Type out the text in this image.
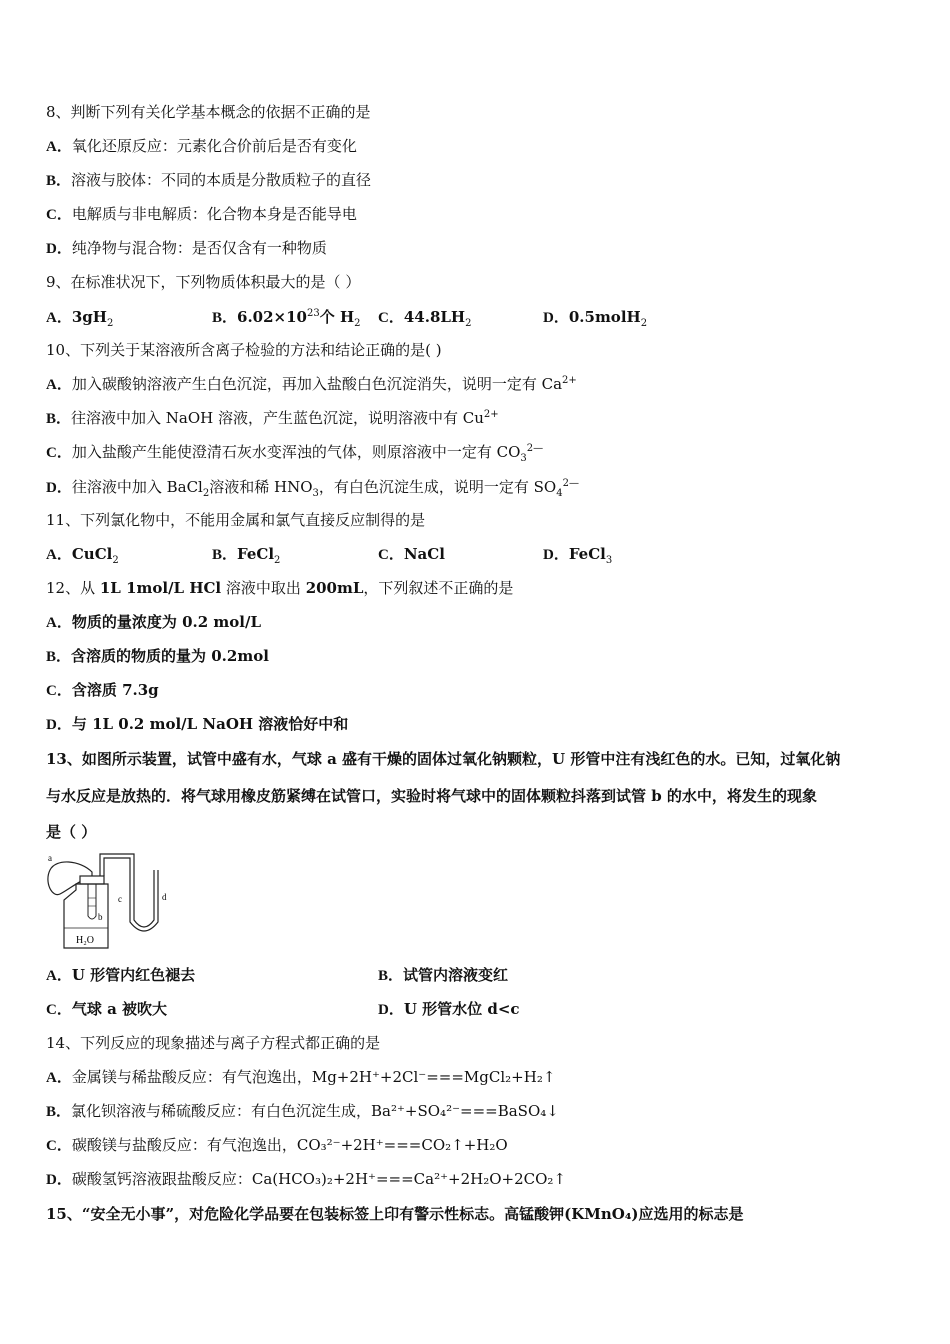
8、判断下列有关化学基本概念的依据不正确的是
A．氧化还原反应：元素化合价前后是否有变化
B．溶液与胶体：不同的本质是分散质粒子的直径
C．电解质与非电解质：化合物本身是否能导电
D．纯净物与混合物：是否仅含有一种物质
9、在标准状况下，下列物质体积最大的是（ ）
A．$3gH_2$	B．$6.02\times 10^{23}$个 $H_2$ C．$44.8LH_2$	D．0.5molH$_2$
10、下列关于某溶液所含离子检验的方法和结论正确的是( )
A．加入碳酸钠溶液产生白色沉淀，再加入盐酸白色沉淀消失，说明一定有 $Ca^{2+}$
B．往溶液中加入 NaOH 溶液，产生蓝色沉淀，说明溶液中有 $Cu^{2+}$
C．加入盐酸产生能使澄清石灰水变浑浊的气体，则原溶液中一定有 $CO_3^{2—}$
D．往溶液中加入 BaCl$_2$溶液和稀 $HNO_3$，有白色沉淀生成，说明一定有 $SO_4^{2—}$
11、下列氯化物中，不能用金属和氯气直接反应制得的是
A．CuCl$_2$	B．FeCl$_2$	C．NaCl	D．FeCl$_3$
12、从 1L 1mol/L HCl 溶液中取出 200mL，下列叙述不正确的是
A．物质的量浓度为 0.2 mol/L
B．含溶质的物质的量为 0.2mol
C．含溶质 7.3g
D．与 1L 0.2 mol/L NaOH 溶液恰好中和
13、如图所示装置，试管中盛有水，气球 a 盛有干燥的固体过氧化钠颗粒，U 形管中注有浅红色的水。已知，过氧化钠
与水反应是放热的．将气球用橡皮筋紧缚在试管口，实验时将气球中的固体颗粒抖落到试管 b 的水中，将发生的现象
是（ ）
a
b
H₂O
c	d
A．U 形管内红色褪去	B．试管内溶液变红
C．气球 a 被吹大	D．U 形管水位 d<c
14、下列反应的现象描述与离子方程式都正确的是
A．金属镁与稀盐酸反应：有气泡逸出，Mg+2H⁺+2Cl⁻===MgCl₂+H₂↑
B．氯化钡溶液与稀硫酸反应：有白色沉淀生成，Ba²⁺+SO₄²⁻===BaSO₄↓
C．碳酸镁与盐酸反应：有气泡逸出，CO₃²⁻+2H⁺===CO₂↑+H₂O
D．碳酸氢钙溶液跟盐酸反应：Ca(HCO₃)₂+2H⁺===Ca²⁺+2H₂O+2CO₂↑
15、“安全无小事”，对危险化学品要在包装标签上印有警示性标志。高锰酸钾(KMnO₄)应选用的标志是
